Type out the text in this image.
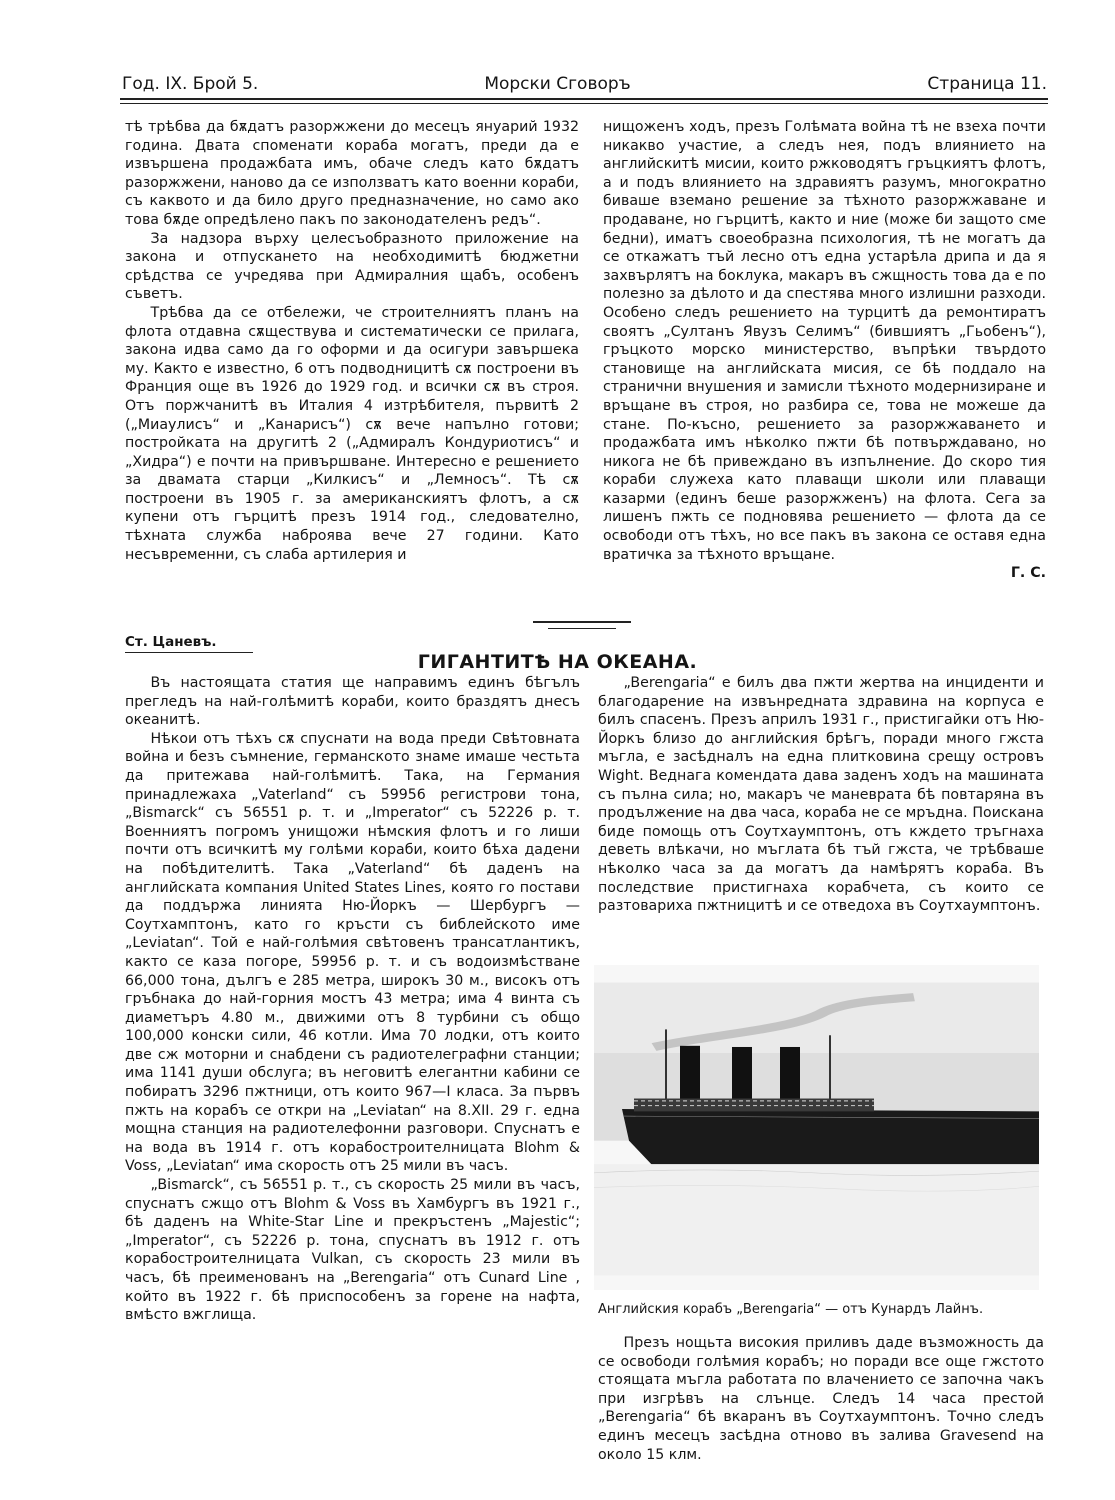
Год. IX. Брой 5.	Морски Сговоръ	Страница 11.

тѣ трѣбва да бѫдатъ разоржжени до месецъ януарий 1932 година. Двата споменати кораба могатъ, преди да е извършена продажбата имъ, обаче следъ като бѫдатъ разоржжени, наново да се използватъ като военни кораби, съ каквото и да било друго предназначение, но само ако това бѫде опредѣлено пакъ по законодателенъ редъ“.

За надзора върху целесъобразното приложение на закона и отпускането на необходимитѣ бюджетни срѣдства се учредява при Адмиралния щабъ, особенъ съветъ.

Трѣбва да се отбележи, че строителниятъ планъ на флота отдавна сѫществува и систематически се прилага, закона идва само да го оформи и да осигури завършека му. Както е известно, 6 отъ подводницитѣ сѫ построени въ Франция още въ 1926 до 1929 год. и всички сѫ въ строя. Отъ поржчанитѣ въ Италия 4 изтрѣбителя, първитѣ 2 („Миаулисъ“ и „Канарисъ“) сѫ вече напълно готови; постройката на другитѣ 2 („Адмиралъ Кондуриотисъ“ и „Хидра“) е почти на привършване. Интересно е решението за двамата старци „Килкисъ“ и „Лемносъ“. Тѣ сѫ построени въ 1905 г. за американскиятъ флотъ, а сѫ купени отъ гърцитѣ презъ 1914 год., следователно, тѣхната служба наброява вече 27 години. Като несъвременни, съ слаба артилерия и

нищоженъ ходъ, презъ Голѣмата война тѣ не взеха почти никакво участие, а следъ нея, подъ влиянието на английскитѣ мисии, които ржководятъ гръцкиятъ флотъ, а и подъ влиянието на здравиятъ разумъ, многократно биваше вземано решение за тѣхното разоржжаване и продаване, но гърцитѣ, както и ние (може би защото сме бедни), иматъ своеобразна психология, тѣ не могатъ да се откажатъ тъй лесно отъ една устарѣла дрипа и да я захвърлятъ на боклука, макаръ въ сжщность това да е по полезно за дѣлото и да спестява много излишни разходи. Особено следъ решението на турцитѣ да ремонтиратъ своятъ „Султанъ Явузъ Селимъ“ (бившиятъ „Гьобенъ“), гръцкото морско министерство, въпрѣки твърдото становище на английската мисия, се бѣ поддало на странични внушения и замисли тѣхното модернизиране и връщане въ строя, но разбира се, това не можеше да стане. По-късно, решението за разоржжаването и продажбата имъ нѣколко пжти бѣ потвърждавано, но никога не бѣ привеждано въ изпълнение. До скоро тия кораби служеха като плаващи школи или плаващи казарми (единъ беше разоржженъ) на флота. Сега за лишенъ пжть се подновява решението — флота да се освободи отъ тѣхъ, но все пакъ въ закона се оставя една вратичка за тѣхното връщане.

Г. С.
Ст. Цаневъ.
ГИГАНТИТѢ НА ОКЕАНА.

Въ настоящата статия ще направимъ единъ бѣгълъ прегледъ на най-голѣмитѣ кораби, които браздятъ днесъ океанитѣ.

Нѣкои отъ тѣхъ сѫ спуснати на вода преди Свѣтовната война и безъ съмнение, германското знаме имаше честьта да притежава най-голѣмитѣ. Така, на Германия принадлежаха „Vaterland“ съ 59956 регистрови тона, „Bismarck“ съ 56551 р. т. и „Imperator“ съ 52226 р. т. Военниятъ погромъ унищожи нѣмския флотъ и го лиши почти отъ всичкитѣ му голѣми кораби, които бѣха дадени на побѣдителитѣ. Така „Vaterland“ бѣ даденъ на английската компания United States Lines, която го постави да поддържа линията Ню-Йоркъ — Шербургъ — Соутхамптонъ, като го кръсти съ библейското име „Leviatan“. Той е най-голѣмия свѣтовенъ трансатлантикъ, както се каза погоре, 59956 р. т. и съ водоизмѣстване 66,000 тона, дългъ е 285 метра, широкъ 30 м., високъ отъ гръбнака до най-горния мостъ 43 метра; има 4 винта съ диаметъръ 4.80 м., движими отъ 8 турбини съ общо 100,000 конски сили, 46 котли. Има 70 лодки, отъ които две сж моторни и снабдени съ радиотелеграфни станции; има 1141 души обслуга; въ неговитѣ елегантни кабини се побиратъ 3296 пжтници, отъ които 967—I класа. За първъ пжть на корабъ се откри на „Leviatan“ на 8.XII. 29 г. една мощна станция на радиотелефонни разговори. Спуснатъ е на вода въ 1914 г. отъ корабостроителницата Blohm & Voss, „Leviatan“ има скорость отъ 25 мили въ часъ.

„Bismarck“, съ 56551 р. т., съ скорость 25 мили въ часъ, спуснатъ сжщо отъ Blohm & Voss въ Хамбургъ въ 1921 г., бѣ даденъ на White-Star Line и прекръстенъ „Majestic“; „Imperator“, съ 52226 р. тона, спуснатъ въ 1912 г. отъ корабостроителницата Vulkan, съ скорость 23 мили въ часъ, бѣ преименованъ на „Berengaria“ отъ Cunard Line , който въ 1922 г. бѣ приспособенъ за горене на нафта, вмѣсто вжглища.

„Berengaria“ е билъ два пжти жертва на инциденти и благодарение на извънредната здравина на корпуса е билъ спасенъ. Презъ априлъ 1931 г., пристигайки отъ Ню-Йоркъ близо до английския брѣгъ, поради много гжста мъгла, е засѣдналъ на една плитковина срещу островъ Wight. Веднага комендата дава заденъ ходъ на машината съ пълна сила; но, макаръ че маневрата бѣ повтаряна въ продължение на два часа, кораба не се мръдна. Поискана биде помощь отъ Соутхаумптонъ, отъ кждето тръгнаха деветь влѣкачи, но мъглата бѣ тъй гжста, че трѣбваше нѣколко часа за да могатъ да намѣрятъ кораба. Въ последствие пристигнаха корабчета, съ които се разтовариха пжтницитѣ и се отведоха въ Соутхаумптонъ.

Английския корабъ „Berengaria“ — отъ Кунардъ Лайнъ.

Презъ нощьта високия приливъ даде възможность да се освободи голѣмия корабъ; но поради все още гжстото стоящата мъгла работата по влачението се започна чакъ при изгрѣвъ на слънце. Следъ 14 часа престой „Berengaria“ бѣ вкаранъ въ Соутхаумптонъ. Точно следъ единъ месецъ засѣдна отново въ залива Gravesend на около 15 клм.
